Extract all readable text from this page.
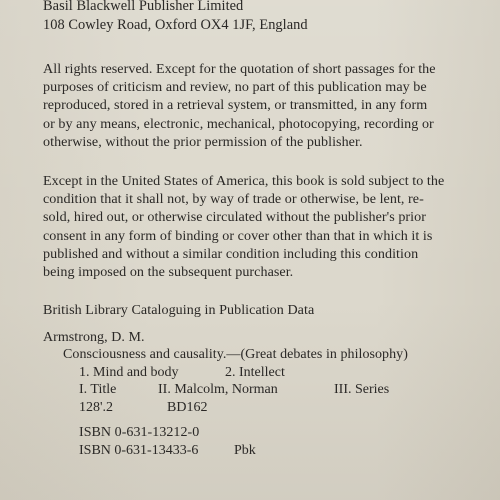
Basil Blackwell Publisher Limited
108 Cowley Road, Oxford OX4 1JF, England
All rights reserved. Except for the quotation of short passages for the
purposes of criticism and review, no part of this publication may be
reproduced, stored in a retrieval system, or transmitted, in any form
or by any means, electronic, mechanical, photocopying, recording or
otherwise, without the prior permission of the publisher.
Except in the United States of America, this book is sold subject to the
condition that it shall not, by way of trade or otherwise, be lent, re-
sold, hired out, or otherwise circulated without the publisher's prior
consent in any form of binding or cover other than that in which it is
published and without a similar condition including this condition
being imposed on the subsequent purchaser.
British Library Cataloguing in Publication Data
Armstrong, D. M.
Consciousness and causality.—(Great debates in philosophy)
1. Mind and body	2. Intellect
I. Title	II. Malcolm, Norman	III. Series
128'.2	BD162
ISBN 0-631-13212-0
ISBN 0-631-13433-6	Pbk
